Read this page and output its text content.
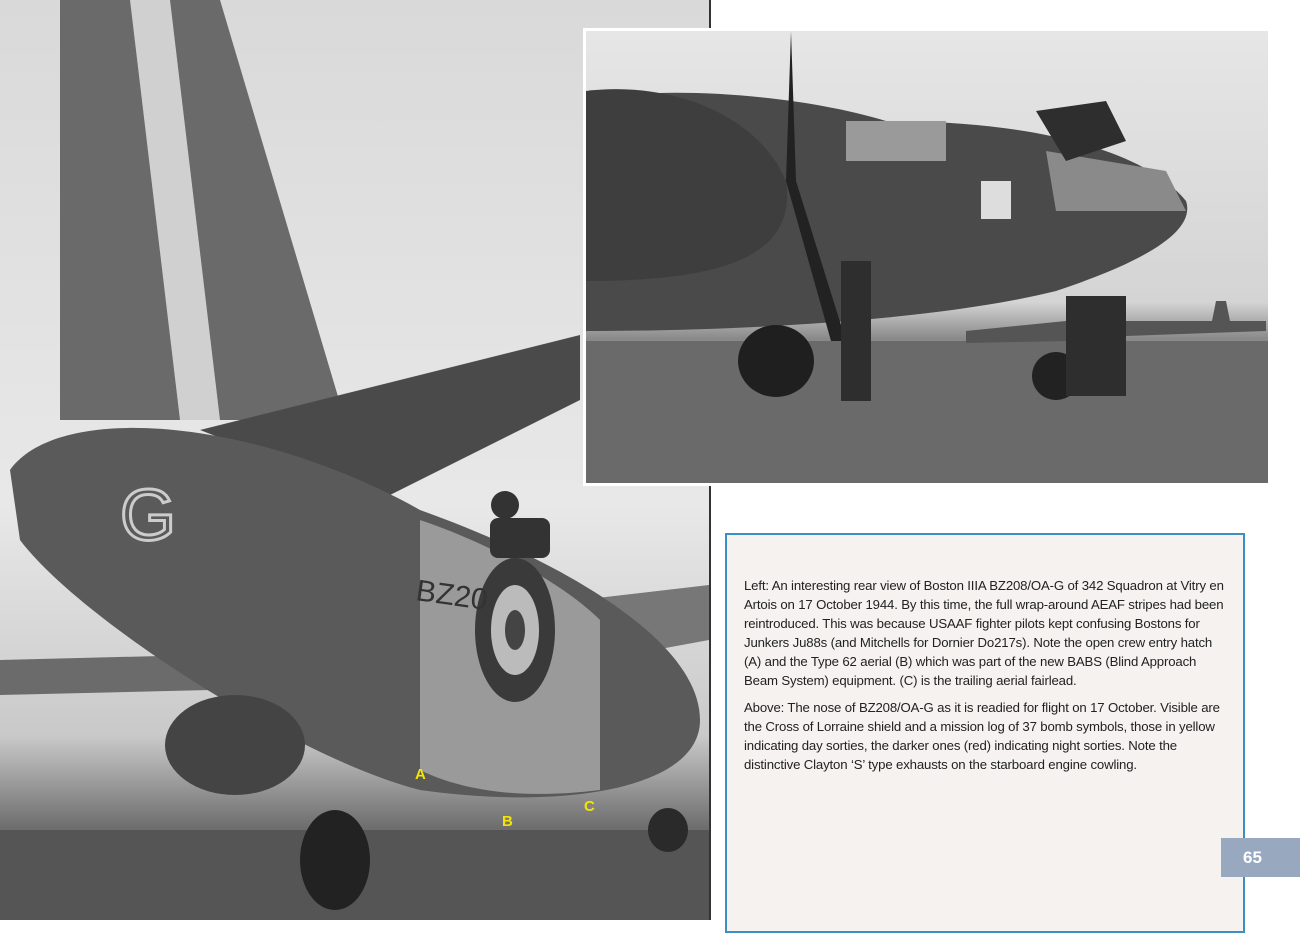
G
BZ20
A
B
C

Left: An interesting rear view of Boston IIIA BZ208/OA-G of 342 Squadron at Vitry en Artois on 17 October 1944. By this time, the full wrap-around AEAF stripes had been reintroduced. This was because USAAF fighter pilots kept confusing Bostons for Junkers Ju88s (and Mitchells for Dornier Do217s). Note the open crew entry hatch (A) and the Type 62 aerial (B) which was part of the new BABS (Blind Approach Beam System) equipment. (C) is the trailing aerial fairlead.

Above: The nose of BZ208/OA-G as it is readied for flight on 17 October. Visible are the Cross of Lorraine shield and a mission log of 37 bomb symbols, those in yellow indicating day sorties, the darker ones (red) indicating night sorties. Note the distinctive Clayton ‘S’ type exhausts on the starboard engine cowling.

65
